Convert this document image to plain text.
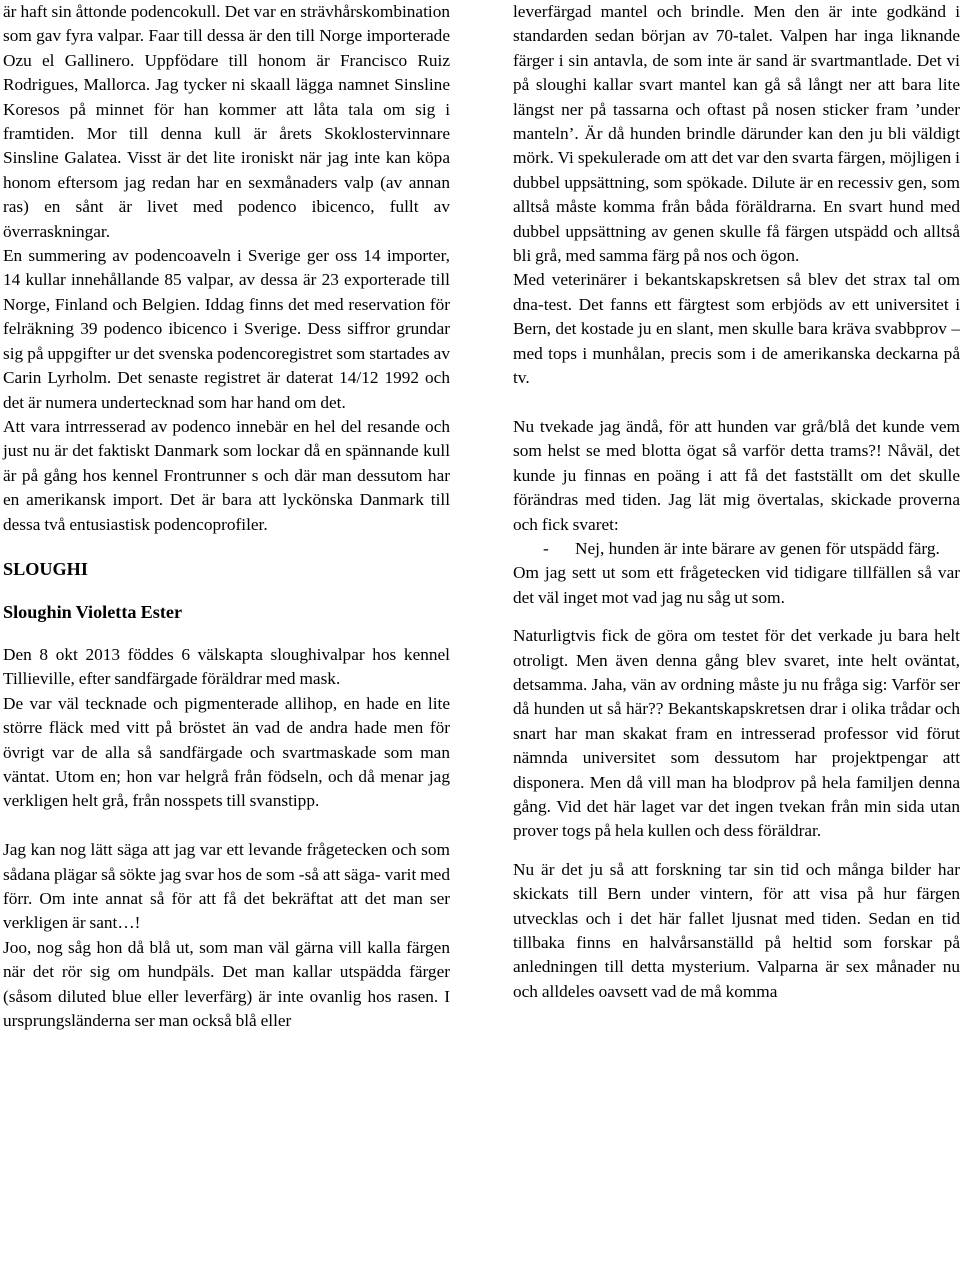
är haft sin åttonde podencokull. Det var en strävhårskombination som gav fyra valpar. Faar till dessa är den till Norge importerade Ozu el Gallinero. Uppfödare till honom är Francisco Ruiz Rodrigues, Mallorca. Jag tycker ni skaall lägga namnet Sinsline Koresos på minnet för han kommer att låta tala om sig i framtiden. Mor till denna kull är årets Skoklostervinnare Sinsline Galatea. Visst är det lite ironiskt när jag inte kan köpa honom eftersom jag redan har en sexmånaders valp (av annan ras) en sånt är livet med podenco ibicenco, fullt av överraskningar.

En summering av podencoaveln i Sverige ger oss 14 importer, 14 kullar innehållande 85 valpar, av dessa är 23 exporterade till Norge, Finland och Belgien. Iddag finns det med reservation för felräkning 39 podenco ibicenco i Sverige. Dess siffror grundar sig på uppgifter ur det svenska podencoregistret som startades av Carin Lyrholm. Det senaste registret är daterat 14/12 1992 och det är numera undertecknad som har hand om det.

Att vara intrresserad av podenco innebär en hel del resande och just nu är det faktiskt Danmark som lockar då en spännande kull är på gång hos kennel Frontrunner s och där man dessutom har en amerikansk import. Det är bara att lyckönska Danmark till dessa två entusiastisk podencoprofiler.

SLOUGHI

Sloughin Violetta Ester

Den 8 okt 2013 föddes 6 välskapta sloughivalpar hos kennel Tillieville, efter sandfärgade föräldrar med mask.

De var väl tecknade och pigmenterade allihop, en hade en lite större fläck med vitt på bröstet än vad de andra hade men för övrigt var de alla så sandfärgade och svartmaskade som man väntat. Utom en; hon var helgrå från födseln, och då menar jag verkligen helt grå, från nosspets till svanstipp.

Jag kan nog lätt säga att jag var ett levande frågetecken och som sådana plägar så sökte jag svar hos de som -så att säga- varit med förr. Om inte annat så för att få det bekräftat att det man ser verkligen är sant…!

Joo, nog såg hon då blå ut, som man väl gärna vill kalla färgen när det rör sig om hundpäls. Det man kallar utspädda färger (såsom diluted blue eller leverfärg) är inte ovanlig hos rasen. I ursprungsländerna ser man också blå eller

leverfärgad mantel och brindle. Men den är inte godkänd i standarden sedan början av 70-talet. Valpen har inga liknande färger i sin antavla, de som inte är sand är svartmantlade. Det vi på sloughi kallar svart mantel kan gå så långt ner att bara lite längst ner på tassarna och oftast på nosen sticker fram ’under manteln’. Är då hunden brindle därunder kan den ju bli väldigt mörk. Vi spekulerade om att det var den svarta färgen, möjligen i dubbel uppsättning, som spökade. Dilute är en recessiv gen, som alltså måste komma från båda föräldrarna. En svart hund med dubbel uppsättning av genen skulle få färgen utspädd och alltså bli grå, med samma färg på nos och ögon.

Med veterinärer i bekantskapskretsen så blev det strax tal om dna-test. Det fanns ett färgtest som erbjöds av ett universitet i Bern, det kostade ju en slant, men skulle bara kräva svabbprov – med tops i munhålan, precis som i de amerikanska deckarna på tv.

Nu tvekade jag ändå, för att hunden var grå/blå det kunde vem som helst se med blotta ögat så varför detta trams?! Nåväl, det kunde ju finnas en poäng i att få det fastställt om det skulle förändras med tiden. Jag lät mig övertalas, skickade proverna och fick svaret:

-	Nej, hunden är inte bärare av genen för utspädd färg.

Om jag sett ut som ett frågetecken vid tidigare tillfällen så var det väl inget mot vad jag nu såg ut som.

Naturligtvis fick de göra om testet för det verkade ju bara helt otroligt. Men även denna gång blev svaret, inte helt oväntat, detsamma. Jaha, vän av ordning måste ju nu fråga sig: Varför ser då hunden ut så här?? Bekantskapskretsen drar i olika trådar och snart har man skakat fram en intresserad professor vid förut nämnda universitet som dessutom har projektpengar att disponera. Men då vill man ha blodprov på hela familjen denna gång. Vid det här laget var det ingen tvekan från min sida utan prover togs på hela kullen och dess föräldrar.

Nu är det ju så att forskning tar sin tid och många bilder har skickats till Bern under vintern, för att visa på hur färgen utvecklas och i det här fallet ljusnat med tiden. Sedan en tid tillbaka finns en halvårsanställd på heltid som forskar på anledningen till detta mysterium. Valparna är sex månader nu och alldeles oavsett vad de må komma
